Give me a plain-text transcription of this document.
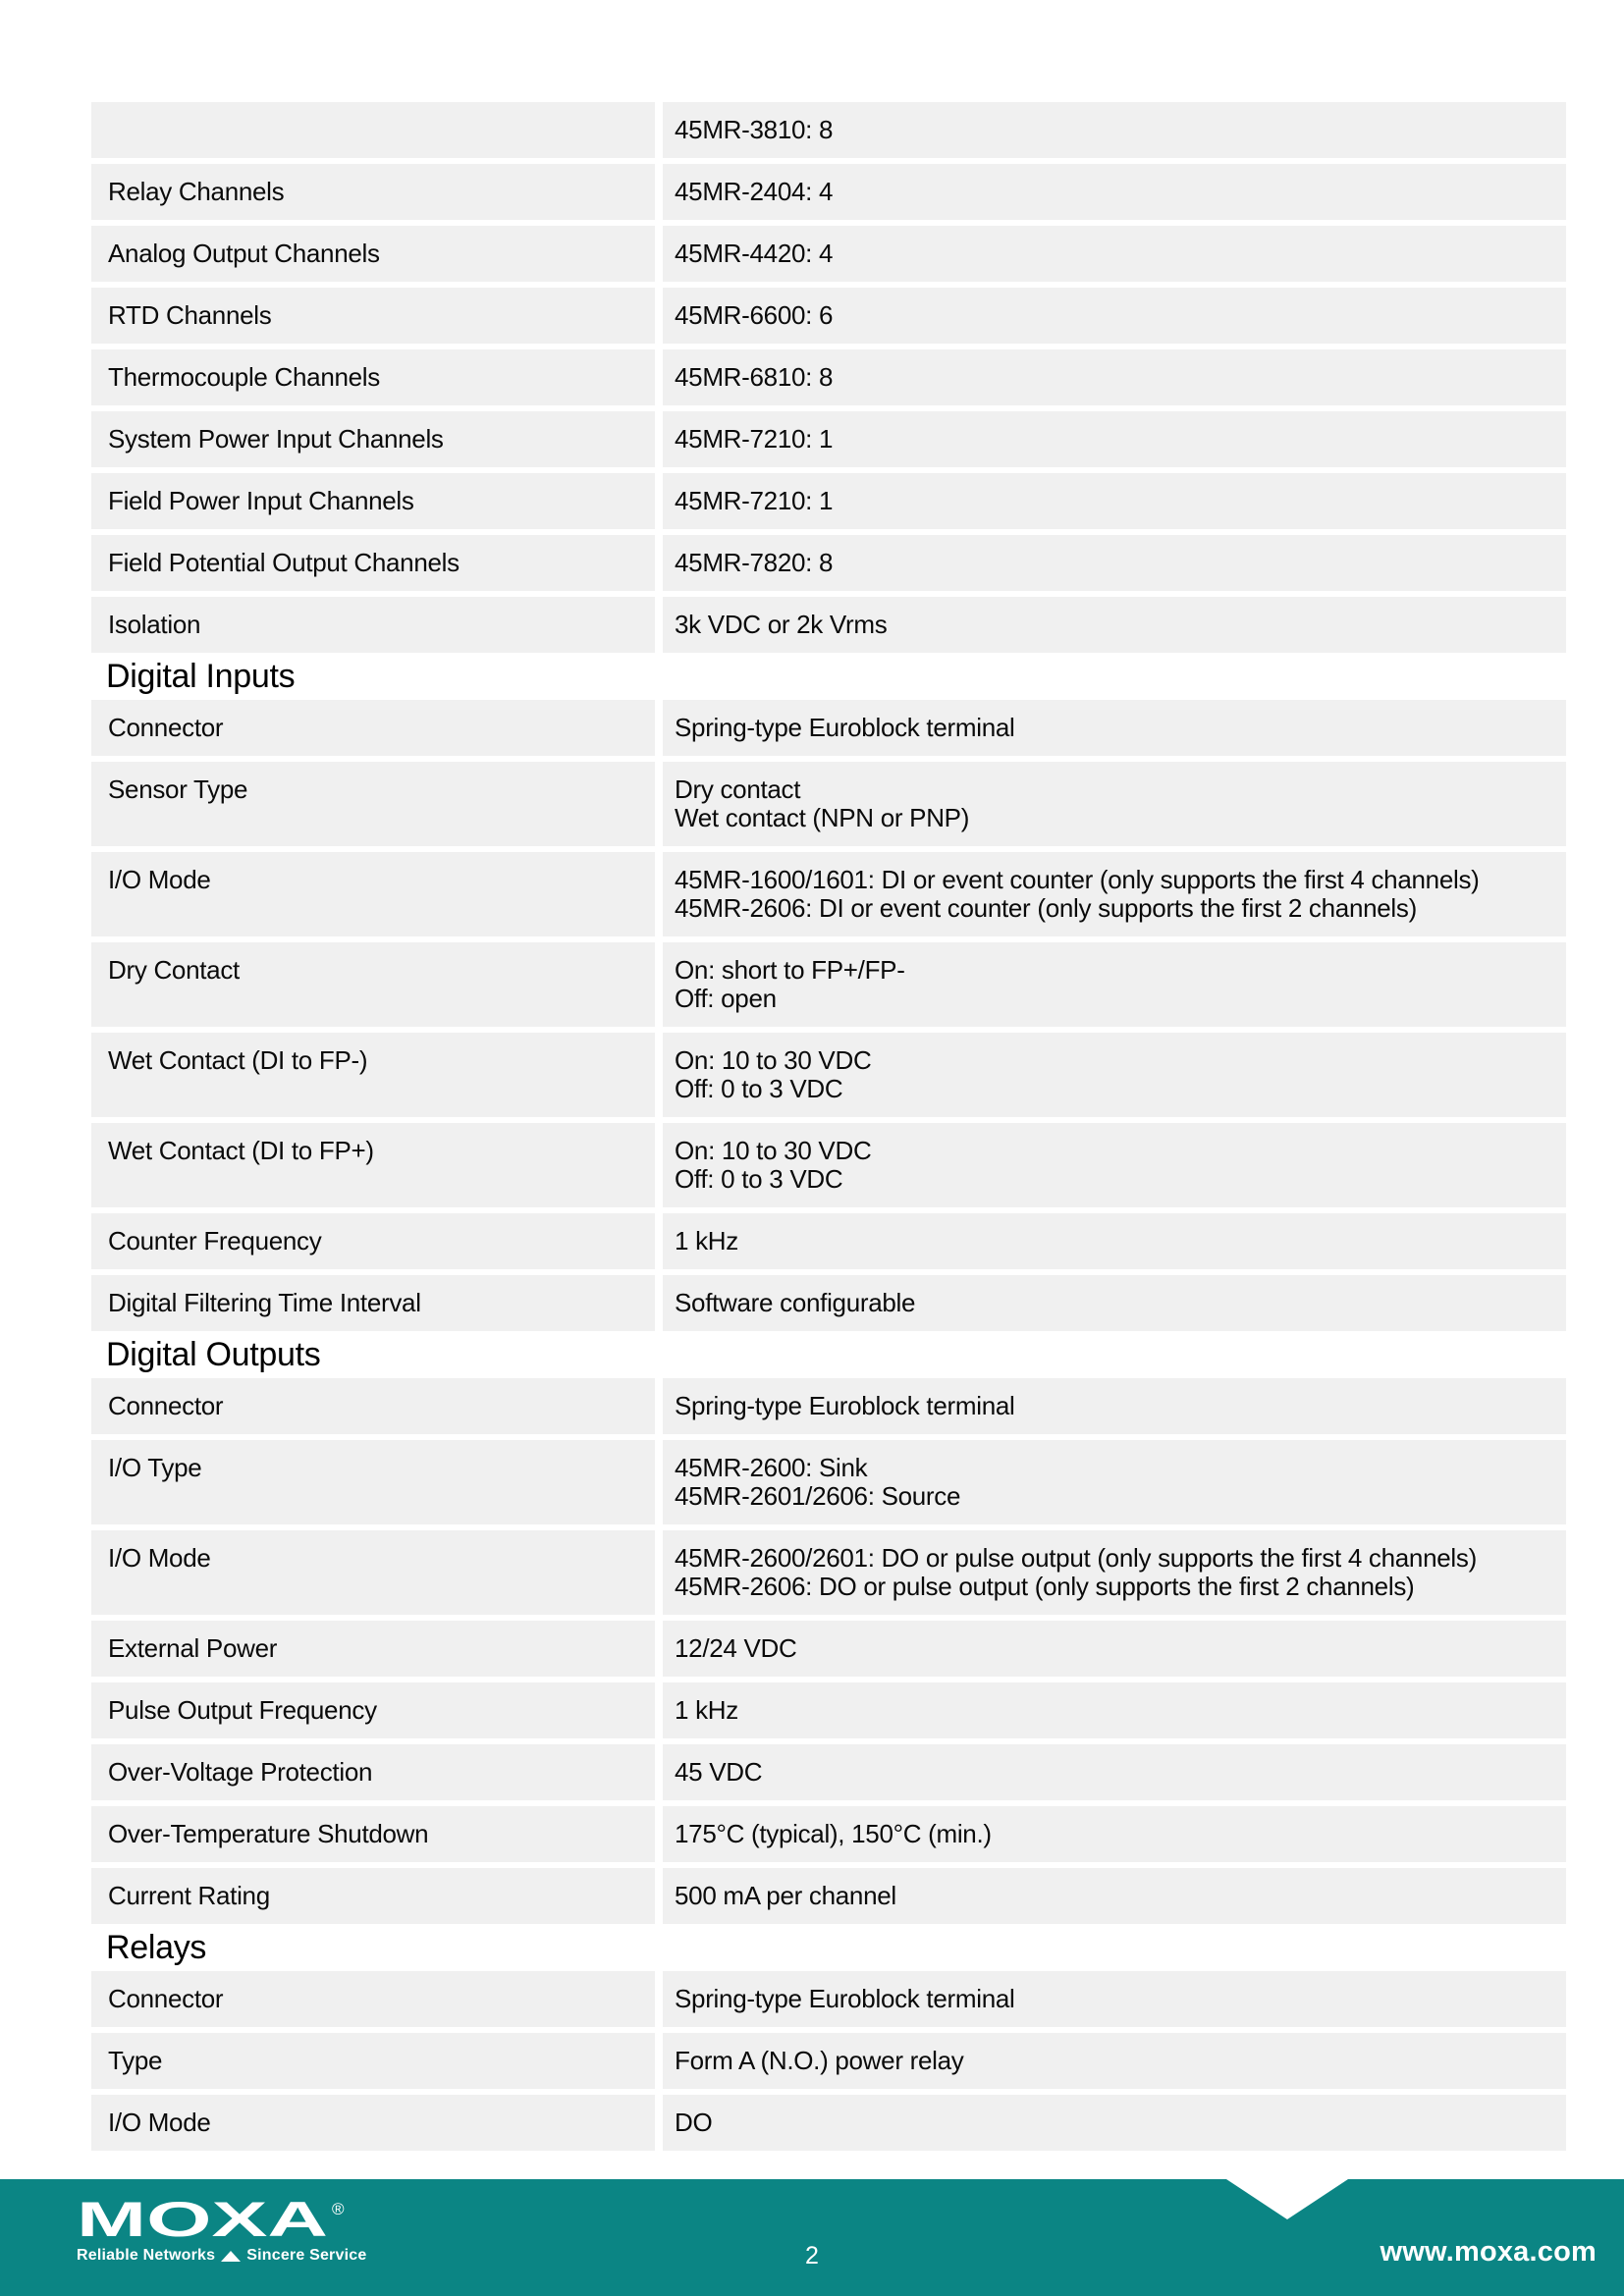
45MR-3810: 8
Relay Channels	45MR-2404: 4
Analog Output Channels	45MR-4420: 4
RTD Channels	45MR-6600: 6
Thermocouple Channels	45MR-6810: 8
System Power Input Channels	45MR-7210: 1
Field Power Input Channels	45MR-7210: 1
Field Potential Output Channels	45MR-7820: 8
Isolation	3k VDC or 2k Vrms
Digital Inputs
Connector	Spring-type Euroblock terminal
Sensor Type	Dry contact
Wet contact (NPN or PNP)
I/O Mode	45MR-1600/1601: DI or event counter (only supports the first 4 channels)
45MR-2606: DI or event counter (only supports the first 2 channels)
Dry Contact	On: short to FP+/FP-
Off: open
Wet Contact (DI to FP-)	On: 10 to 30 VDC
Off: 0 to 3 VDC
Wet Contact (DI to FP+)	On: 10 to 30 VDC
Off: 0 to 3 VDC
Counter Frequency	1 kHz
Digital Filtering Time Interval	Software configurable
Digital Outputs
Connector	Spring-type Euroblock terminal
I/O Type	45MR-2600: Sink
45MR-2601/2606: Source
I/O Mode	45MR-2600/2601: DO or pulse output (only supports the first 4 channels)
45MR-2606: DO or pulse output (only supports the first 2 channels)
External Power	12/24 VDC
Pulse Output Frequency	1 kHz
Over-Voltage Protection	45 VDC
Over-Temperature Shutdown	175°C (typical), 150°C (min.)
Current Rating	500 mA per channel
Relays
Connector	Spring-type Euroblock terminal
Type	Form A (N.O.) power relay
I/O Mode	DO
MOXA ®
Reliable Networks Sincere Service	2	www.moxa.com
